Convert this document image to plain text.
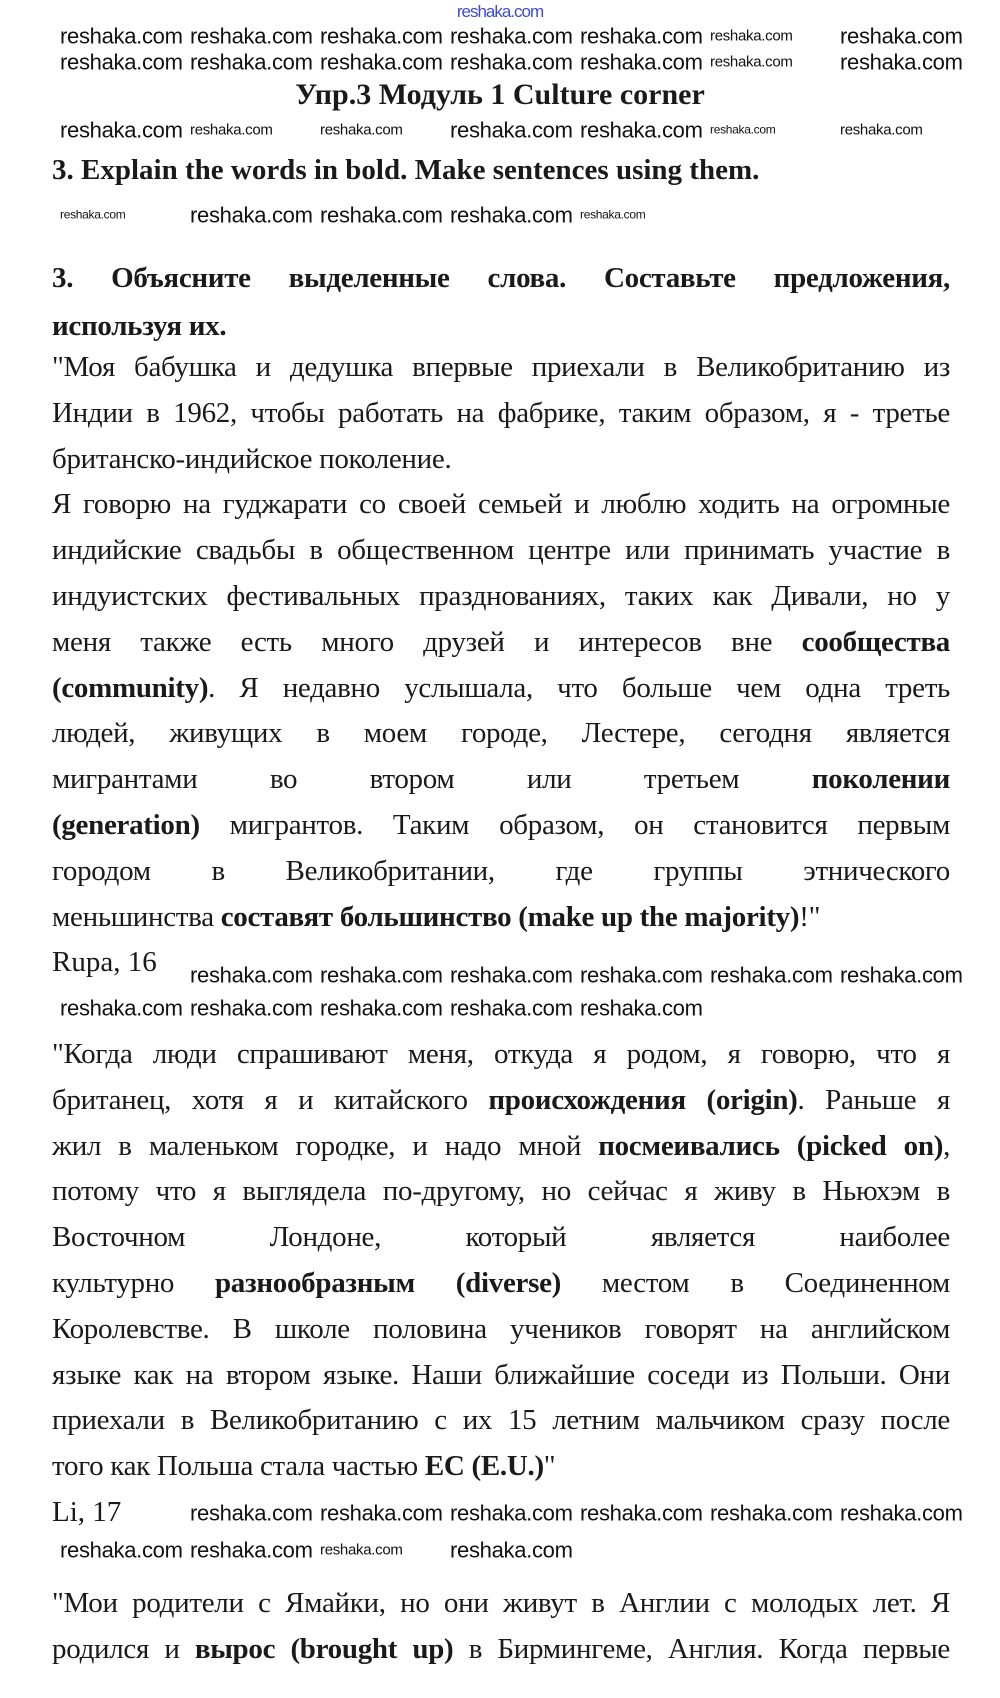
reshaka.com
Упр.3 Модуль 1 Culture corner
3. Explain the words in bold. Make sentences using them.
3. Объясните выделенные слова. Составьте предложения,
используя их.
"Моя бабушка и дедушка впервые приехали в Великобританию из
Индии в 1962, чтобы работать на фабрике, таким образом, я - третье
британско-индийское поколение.
Я говорю на гуджарати со своей семьей и люблю ходить на огромные
индийские свадьбы в общественном центре или принимать участие в
индуистских фестивальных празднованиях, таких как Дивали, но у
меня также есть много друзей и интересов вне сообщества
(community). Я недавно услышала, что больше чем одна треть
людей, живущих в моем городе, Лестере, сегодня является
мигрантами во втором или третьем поколении
(generation) мигрантов. Таким образом, он становится первым
городом в Великобритании, где группы этнического
меньшинства составят большинство (make up the majority)!"
Rupa, 16
"Когда люди спрашивают меня, откуда я родом, я говорю, что я
британец, хотя я и китайского происхождения (origin). Раньше я
жил в маленьком городке, и надо мной посмеивались (picked on),
потому что я выглядела по-другому, но сейчас я живу в Ньюхэм в
Восточном Лондоне, который является наиболее
культурно разнообразным (diverse) местом в Соединенном
Королевстве. В школе половина учеников говорят на английском
языке как на втором языке. Наши ближайшие соседи из Польши. Они
приехали в Великобританию с их 15 летним мальчиком сразу после
того как Польша стала частью ЕС (E.U.)"
Li, 17
"Мои родители с Ямайки, но они живут в Англии с молодых лет. Я
родился и вырос (brought up) в Бирмингеме, Англия. Когда первые
reshaka.com reshaka.com reshaka.com reshaka.com reshaka.com reshaka.com reshaka.com
reshaka.com reshaka.com reshaka.com reshaka.com reshaka.com reshaka.com reshaka.com
reshaka.com reshaka.com	reshaka.com reshaka.com reshaka.com reshaka.com	reshaka.com
reshaka.com	reshaka.com reshaka.com reshaka.com reshaka.com
reshaka.com reshaka.com reshaka.com reshaka.com reshaka.com reshaka.com
reshaka.com reshaka.com reshaka.com reshaka.com reshaka.com
reshaka.com reshaka.com reshaka.com reshaka.com reshaka.com reshaka.com
reshaka.com reshaka.com reshaka.com reshaka.com
